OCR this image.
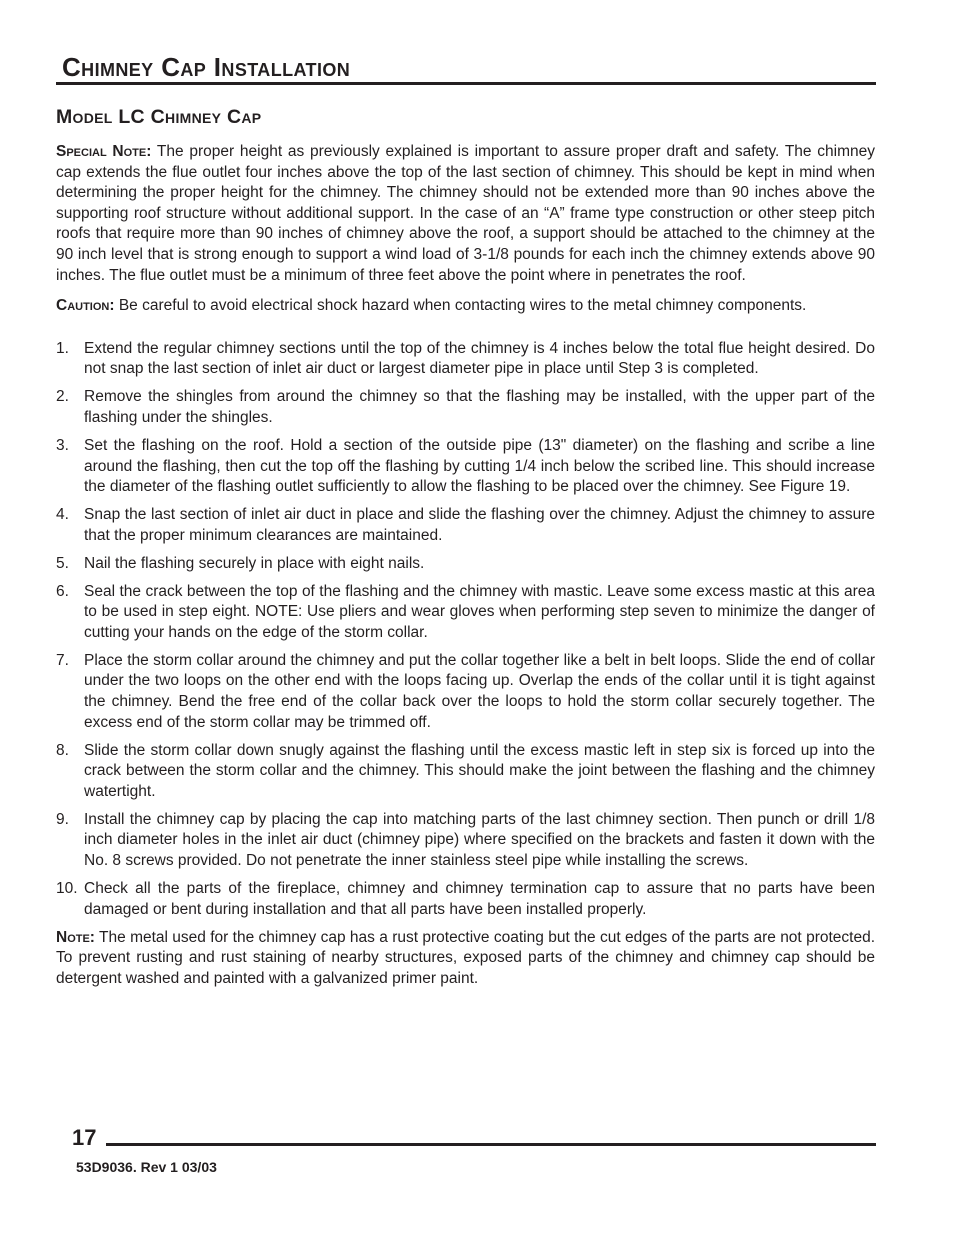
Chimney Cap Installation
Model LC Chimney Cap

Special Note: The proper height as previously explained is important to assure proper draft and safety. The chimney cap extends the flue outlet four inches above the top of the last section of chimney. This should be kept in mind when determining the proper height for the chimney. The chimney should not be extended more than 90 inches above the supporting roof structure without additional support. In the case of an “A” frame type construction or other steep pitch roofs that require more than 90 inches of chimney above the roof, a support should be attached to the chimney at the 90 inch level that is strong enough to support a wind load of 3-1/8 pounds for each inch the chimney extends above 90 inches. The flue outlet must be a minimum of three feet above the point where in penetrates the roof.

Caution: Be careful to avoid electrical shock hazard when contacting wires to the metal chimney components.

1. Extend the regular chimney sections until the top of the chimney is 4 inches below the total flue height desired. Do not snap the last section of inlet air duct or largest diameter pipe in place until Step 3 is completed.
2. Remove the shingles from around the chimney so that the flashing may be installed, with the upper part of the flashing under the shingles.
3. Set the flashing on the roof. Hold a section of the outside pipe (13" diameter) on the flashing and scribe a line around the flashing, then cut the top off the flashing by cutting 1/4 inch below the scribed line. This should increase the diameter of the flashing outlet sufficiently to allow the flashing to be placed over the chimney. See Figure 19.
4. Snap the last section of inlet air duct in place and slide the flashing over the chimney. Adjust the chimney to assure that the proper minimum clearances are maintained.
5. Nail the flashing securely in place with eight nails.
6. Seal the crack between the top of the flashing and the chimney with mastic. Leave some excess mastic at this area to be used in step eight. NOTE: Use pliers and wear gloves when performing step seven to minimize the danger of cutting your hands on the edge of the storm collar.
7. Place the storm collar around the chimney and put the collar together like a belt in belt loops. Slide the end of collar under the two loops on the other end with the loops facing up. Overlap the ends of the collar until it is tight against the chimney. Bend the free end of the collar back over the loops to hold the storm collar securely together. The excess end of the storm collar may be trimmed off.
8. Slide the storm collar down snugly against the flashing until the excess mastic left in step six is forced up into the crack between the storm collar and the chimney. This should make the joint between the flashing and the chimney watertight.
9. Install the chimney cap by placing the cap into matching parts of the last chimney section. Then punch or drill 1/8 inch diameter holes in the inlet air duct (chimney pipe) where specified on the brackets and fasten it down with the No. 8 screws provided. Do not penetrate the inner stainless steel pipe while installing the screws.
10. Check all the parts of the fireplace, chimney and chimney termination cap to assure that no parts have been damaged or bent during installation and that all parts have been installed properly.

Note: The metal used for the chimney cap has a rust protective coating but the cut edges of the parts are not protected. To prevent rusting and rust staining of nearby structures, exposed parts of the chimney and chimney cap should be detergent washed and painted with a galvanized primer paint.

17
53D9036. Rev 1 03/03
